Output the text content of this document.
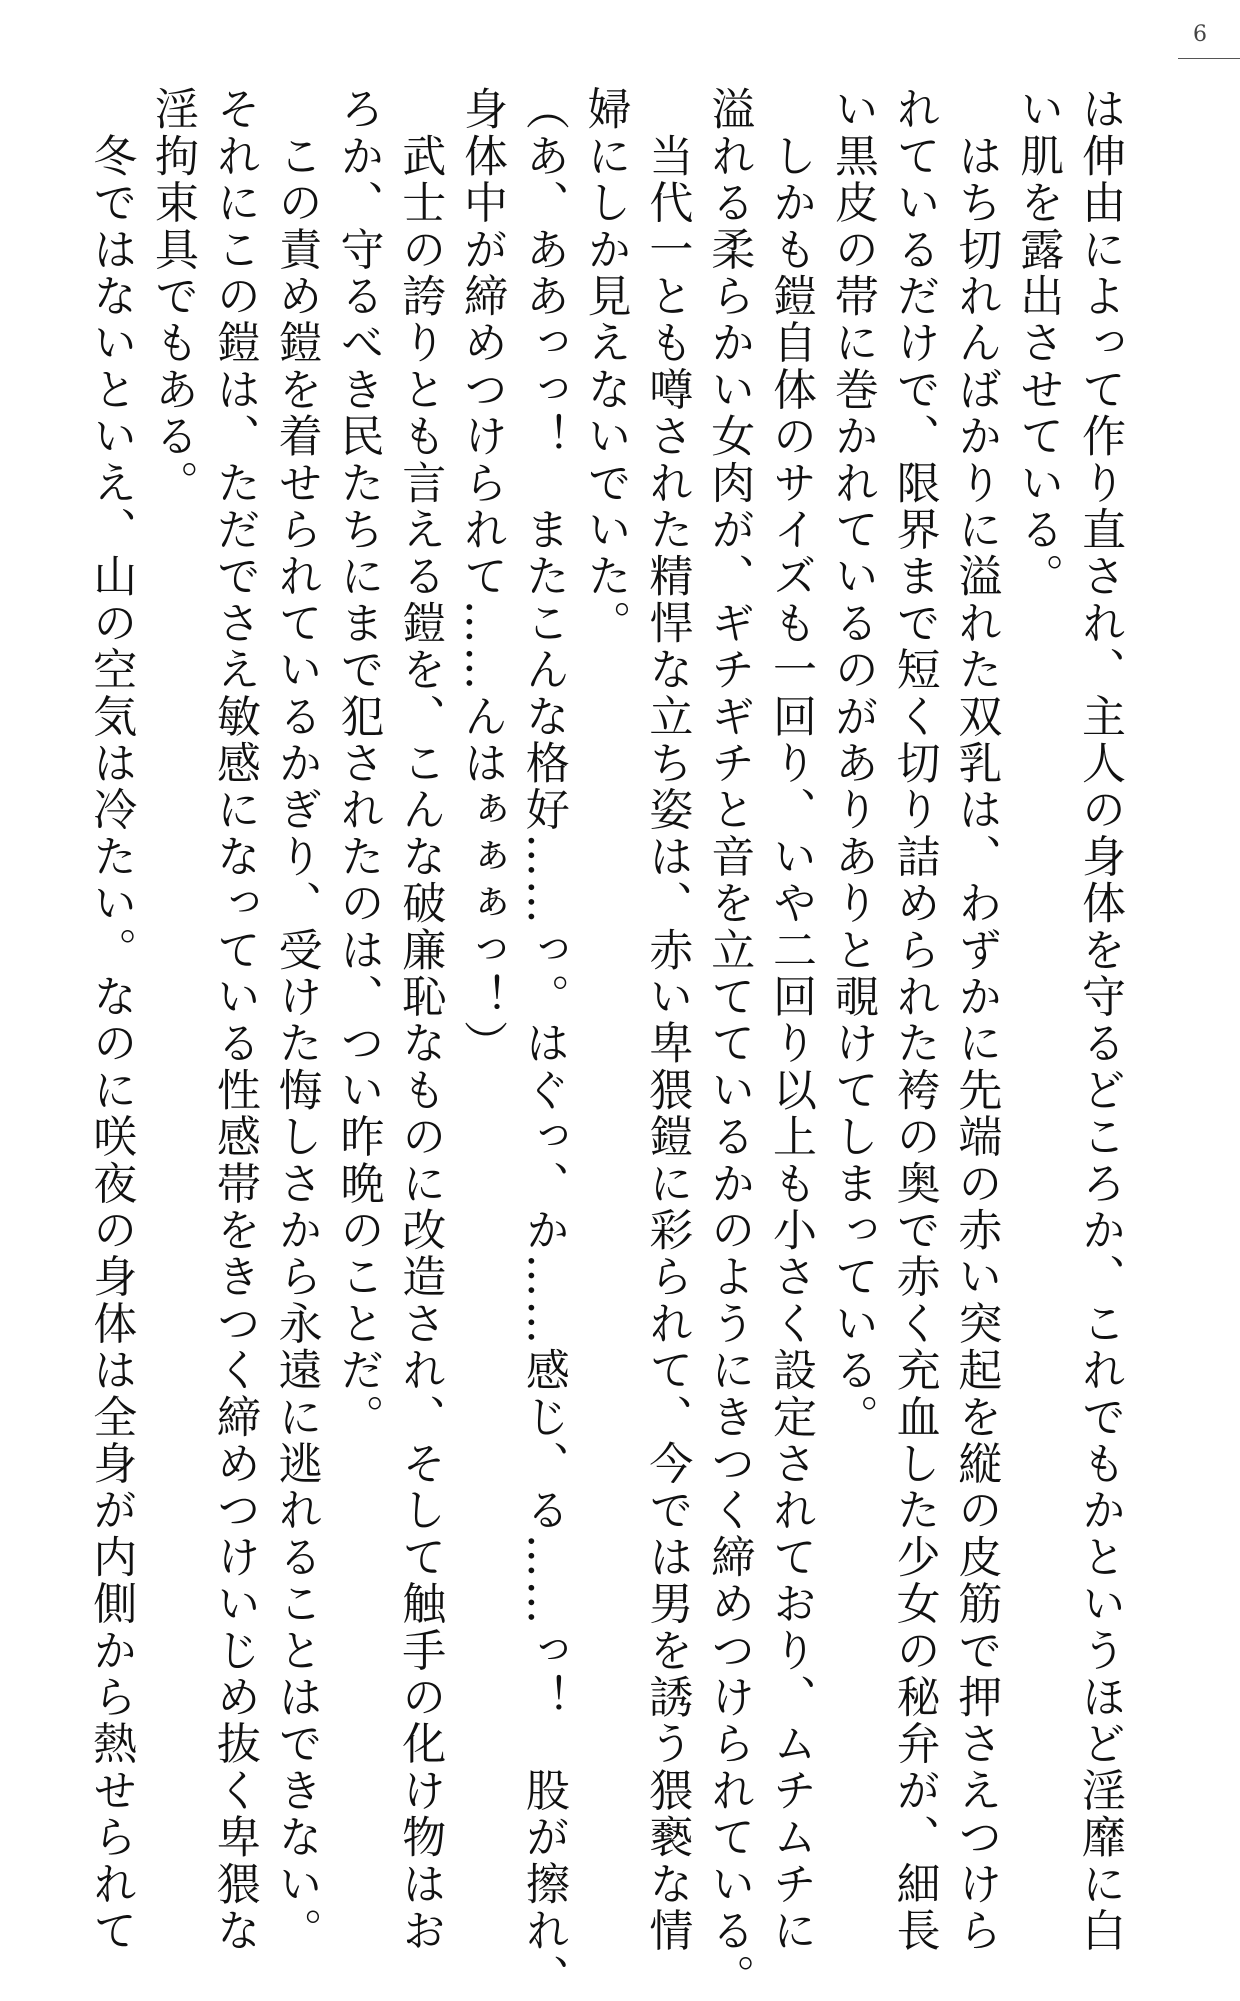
6

は伸由によって作り直され、主人の身体を守るどころか、これでもかというほど淫靡に白

い肌を露出させている。

　はち切れんばかりに溢れた双乳は、わずかに先端の赤い突起を縦の皮筋で押さえつけら

れているだけで、限界まで短く切り詰められた袴の奥で赤く充血した少女の秘弁が、細長

い黒皮の帯に巻かれているのがありありと覗けてしまっている。

　しかも鎧自体のサイズも一回り、いや二回り以上も小さく設定されており、ムチムチに

溢れる柔らかい女肉が、ギチギチと音を立てているかのようにきつく締めつけられている。

　当代一とも噂された精悍な立ち姿は、赤い卑猥鎧に彩られて、今では男を誘う猥褻な情

婦にしか見えないでいた。

（あ、ああっっ！　またこんな格好……っ。はぐっ、か……感じ、る……っ！　股が擦れ、

身体中が締めつけられて……んはぁぁぁっ！）

　武士の誇りとも言える鎧を、こんな破廉恥なものに改造され、そして触手の化け物はお

ろか、守るべき民たちにまで犯されたのは、つい昨晩のことだ。

　この責め鎧を着せられているかぎり、受けた悔しさから永遠に逃れることはできない。

それにこの鎧は、ただでさえ敏感になっている性感帯をきつく締めつけいじめ抜く卑猥な

淫拘束具でもある。

　冬ではないといえ、山の空気は冷たい。なのに咲夜の身体は全身が内側から熱せられて
